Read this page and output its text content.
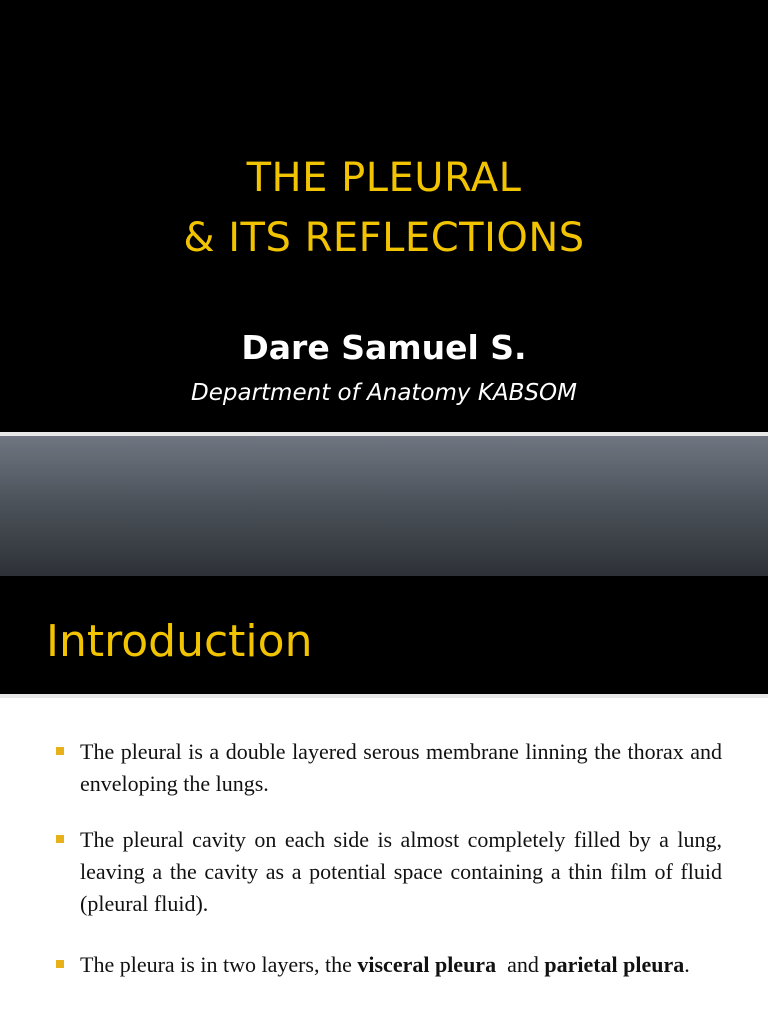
THE PLEURAL
& ITS REFLECTIONS
Dare Samuel S.
Department of Anatomy KABSOM
Introduction
The pleural is a double layered serous membrane linning the thorax and enveloping the lungs.
The pleural cavity on each side is almost completely filled by a lung, leaving a the cavity as a potential space containing a thin film of fluid (pleural fluid).
The pleura is in two layers, the visceral pleura  and parietal pleura.
